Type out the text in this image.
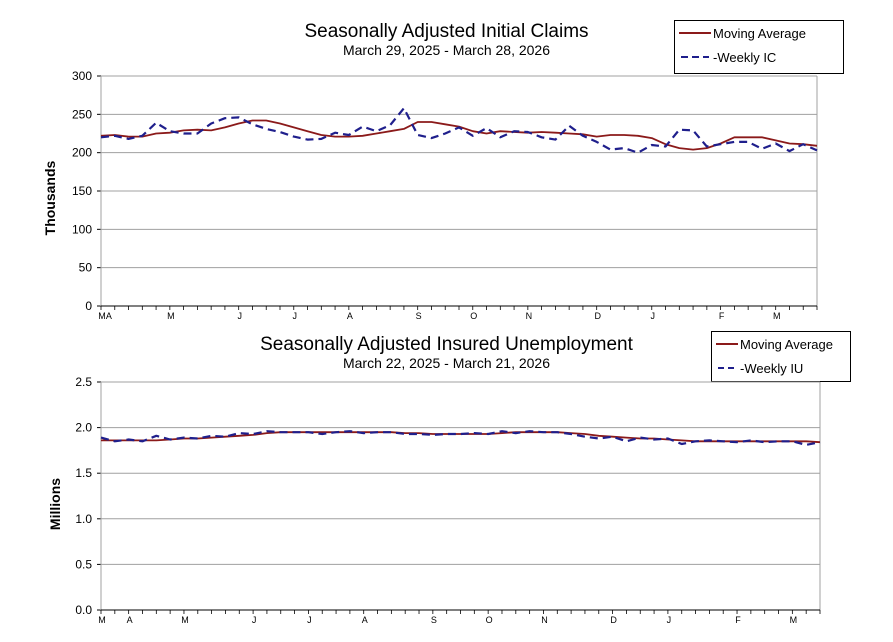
Seasonally Adjusted Initial Claims
March 29, 2025 - March 28, 2026
Moving Average
-Weekly IC
Thousands
0
50
100
150
200
250
300
M A	M	J	J	A	S	O	N	D	J	F	M
Seasonally Adjusted Insured Unemployment
March 22, 2025 - March 21, 2026
Moving Average
-Weekly IU
Millions
0.0
0.5
1.0
1.5
2.0
2.5
M A	M	J	J	A	S	O	N	D	J	F	M
